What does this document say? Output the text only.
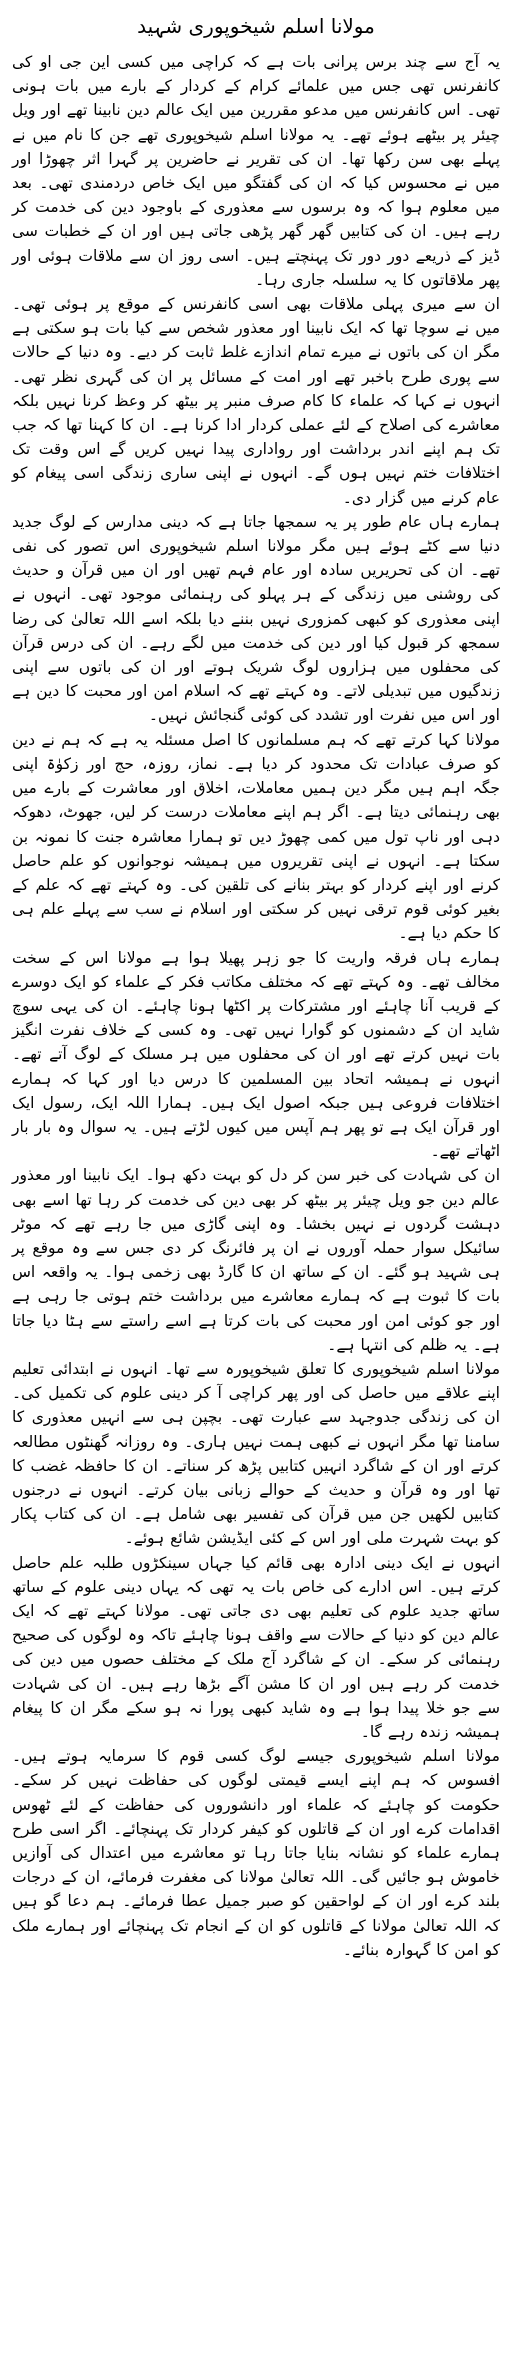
مولانا اسلم شیخوپوری شہید

یہ آج سے چند برس پرانی بات ہے کہ کراچی میں کسی این جی او کی کانفرنس تھی جس میں علمائے کرام کے کردار کے بارے میں بات ہونی تھی۔ اس کانفرنس میں مدعو مقررین میں ایک عالم دین نابینا تھے اور ویل چیئر پر بیٹھے ہوئے تھے۔ یہ مولانا اسلم شیخوپوری تھے جن کا نام میں نے پہلے بھی سن رکھا تھا۔ ان کی تقریر نے حاضرین پر گہرا اثر چھوڑا اور میں نے محسوس کیا کہ ان کی گفتگو میں ایک خاص دردمندی تھی۔ بعد میں معلوم ہوا کہ وہ برسوں سے معذوری کے باوجود دین کی خدمت کر رہے ہیں۔ ان کی کتابیں گھر گھر پڑھی جاتی ہیں اور ان کے خطبات سی ڈیز کے ذریعے دور دور تک پہنچتے ہیں۔ اسی روز ان سے ملاقات ہوئی اور پھر ملاقاتوں کا یہ سلسلہ جاری رہا۔

ان سے میری پہلی ملاقات بھی اسی کانفرنس کے موقع پر ہوئی تھی۔ میں نے سوچا تھا کہ ایک نابینا اور معذور شخص سے کیا بات ہو سکتی ہے مگر ان کی باتوں نے میرے تمام اندازے غلط ثابت کر دیے۔ وہ دنیا کے حالات سے پوری طرح باخبر تھے اور امت کے مسائل پر ان کی گہری نظر تھی۔ انہوں نے کہا کہ علماء کا کام صرف منبر پر بیٹھ کر وعظ کرنا نہیں بلکہ معاشرے کی اصلاح کے لئے عملی کردار ادا کرنا ہے۔ ان کا کہنا تھا کہ جب تک ہم اپنے اندر برداشت اور رواداری پیدا نہیں کریں گے اس وقت تک اختلافات ختم نہیں ہوں گے۔ انہوں نے اپنی ساری زندگی اسی پیغام کو عام کرنے میں گزار دی۔

ہمارے ہاں عام طور پر یہ سمجھا جاتا ہے کہ دینی مدارس کے لوگ جدید دنیا سے کٹے ہوئے ہیں مگر مولانا اسلم شیخوپوری اس تصور کی نفی تھے۔ ان کی تحریریں سادہ اور عام فہم تھیں اور ان میں قرآن و حدیث کی روشنی میں زندگی کے ہر پہلو کی رہنمائی موجود تھی۔ انہوں نے اپنی معذوری کو کبھی کمزوری نہیں بننے دیا بلکہ اسے اللہ تعالیٰ کی رضا سمجھ کر قبول کیا اور دین کی خدمت میں لگے رہے۔ ان کی درس قرآن کی محفلوں میں ہزاروں لوگ شریک ہوتے اور ان کی باتوں سے اپنی زندگیوں میں تبدیلی لاتے۔ وہ کہتے تھے کہ اسلام امن اور محبت کا دین ہے اور اس میں نفرت اور تشدد کی کوئی گنجائش نہیں۔

مولانا کہا کرتے تھے کہ ہم مسلمانوں کا اصل مسئلہ یہ ہے کہ ہم نے دین کو صرف عبادات تک محدود کر دیا ہے۔ نماز، روزہ، حج اور زکوٰۃ اپنی جگہ اہم ہیں مگر دین ہمیں معاملات، اخلاق اور معاشرت کے بارے میں بھی رہنمائی دیتا ہے۔ اگر ہم اپنے معاملات درست کر لیں، جھوٹ، دھوکہ دہی اور ناپ تول میں کمی چھوڑ دیں تو ہمارا معاشرہ جنت کا نمونہ بن سکتا ہے۔ انہوں نے اپنی تقریروں میں ہمیشہ نوجوانوں کو علم حاصل کرنے اور اپنے کردار کو بہتر بنانے کی تلقین کی۔ وہ کہتے تھے کہ علم کے بغیر کوئی قوم ترقی نہیں کر سکتی اور اسلام نے سب سے پہلے علم ہی کا حکم دیا ہے۔

ہمارے ہاں فرقہ واریت کا جو زہر پھیلا ہوا ہے مولانا اس کے سخت مخالف تھے۔ وہ کہتے تھے کہ مختلف مکاتب فکر کے علماء کو ایک دوسرے کے قریب آنا چاہئے اور مشترکات پر اکٹھا ہونا چاہئے۔ ان کی یہی سوچ شاید ان کے دشمنوں کو گوارا نہیں تھی۔ وہ کسی کے خلاف نفرت انگیز بات نہیں کرتے تھے اور ان کی محفلوں میں ہر مسلک کے لوگ آتے تھے۔ انہوں نے ہمیشہ اتحاد بین المسلمین کا درس دیا اور کہا کہ ہمارے اختلافات فروعی ہیں جبکہ اصول ایک ہیں۔ ہمارا اللہ ایک، رسول ایک اور قرآن ایک ہے تو پھر ہم آپس میں کیوں لڑتے ہیں۔ یہ سوال وہ بار بار اٹھاتے تھے۔

ان کی شہادت کی خبر سن کر دل کو بہت دکھ ہوا۔ ایک نابینا اور معذور عالم دین جو ویل چیئر پر بیٹھ کر بھی دین کی خدمت کر رہا تھا اسے بھی دہشت گردوں نے نہیں بخشا۔ وہ اپنی گاڑی میں جا رہے تھے کہ موٹر سائیکل سوار حملہ آوروں نے ان پر فائرنگ کر دی جس سے وہ موقع پر ہی شہید ہو گئے۔ ان کے ساتھ ان کا گارڈ بھی زخمی ہوا۔ یہ واقعہ اس بات کا ثبوت ہے کہ ہمارے معاشرے میں برداشت ختم ہوتی جا رہی ہے اور جو کوئی امن اور محبت کی بات کرتا ہے اسے راستے سے ہٹا دیا جاتا ہے۔ یہ ظلم کی انتہا ہے۔

مولانا اسلم شیخوپوری کا تعلق شیخوپورہ سے تھا۔ انہوں نے ابتدائی تعلیم اپنے علاقے میں حاصل کی اور پھر کراچی آ کر دینی علوم کی تکمیل کی۔ ان کی زندگی جدوجہد سے عبارت تھی۔ بچپن ہی سے انہیں معذوری کا سامنا تھا مگر انہوں نے کبھی ہمت نہیں ہاری۔ وہ روزانہ گھنٹوں مطالعہ کرتے اور ان کے شاگرد انہیں کتابیں پڑھ کر سناتے۔ ان کا حافظہ غضب کا تھا اور وہ قرآن و حدیث کے حوالے زبانی بیان کرتے۔ انہوں نے درجنوں کتابیں لکھیں جن میں قرآن کی تفسیر بھی شامل ہے۔ ان کی کتاب پکار کو بہت شہرت ملی اور اس کے کئی ایڈیشن شائع ہوئے۔

انہوں نے ایک دینی ادارہ بھی قائم کیا جہاں سینکڑوں طلبہ علم حاصل کرتے ہیں۔ اس ادارے کی خاص بات یہ تھی کہ یہاں دینی علوم کے ساتھ ساتھ جدید علوم کی تعلیم بھی دی جاتی تھی۔ مولانا کہتے تھے کہ ایک عالم دین کو دنیا کے حالات سے واقف ہونا چاہئے تاکہ وہ لوگوں کی صحیح رہنمائی کر سکے۔ ان کے شاگرد آج ملک کے مختلف حصوں میں دین کی خدمت کر رہے ہیں اور ان کا مشن آگے بڑھا رہے ہیں۔ ان کی شہادت سے جو خلا پیدا ہوا ہے وہ شاید کبھی پورا نہ ہو سکے مگر ان کا پیغام ہمیشہ زندہ رہے گا۔

مولانا اسلم شیخوپوری جیسے لوگ کسی قوم کا سرمایہ ہوتے ہیں۔ افسوس کہ ہم اپنے ایسے قیمتی لوگوں کی حفاظت نہیں کر سکے۔ حکومت کو چاہئے کہ علماء اور دانشوروں کی حفاظت کے لئے ٹھوس اقدامات کرے اور ان کے قاتلوں کو کیفر کردار تک پہنچائے۔ اگر اسی طرح ہمارے علماء کو نشانہ بنایا جاتا رہا تو معاشرے میں اعتدال کی آوازیں خاموش ہو جائیں گی۔ اللہ تعالیٰ مولانا کی مغفرت فرمائے، ان کے درجات بلند کرے اور ان کے لواحقین کو صبر جمیل عطا فرمائے۔ ہم دعا گو ہیں کہ اللہ تعالیٰ مولانا کے قاتلوں کو ان کے انجام تک پہنچائے اور ہمارے ملک کو امن کا گہوارہ بنائے۔
